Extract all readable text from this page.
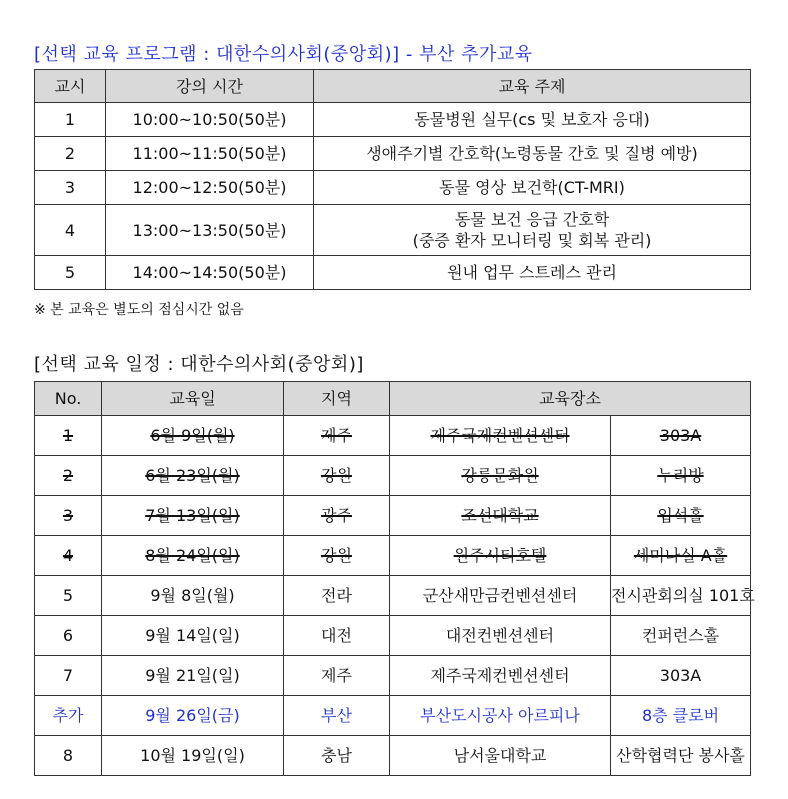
[선택 교육 프로그램 : 대한수의사회(중앙회)] - 부산 추가교육
교시	강의 시간	교육 주제
1	10:00~10:50(50분)	동물병원 실무(cs 및 보호자 응대)
2	11:00~11:50(50분)	생애주기별 간호학(노령동물 간호 및 질병 예방)
3	12:00~12:50(50분)	동물 영상 보건학(CT-MRI)
4	13:00~13:50(50분)	동물 보건 응급 간호학
(중증 환자 모니터링 및 회복 관리)

5	14:00~14:50(50분)	원내 업무 스트레스 관리
※ 본 교육은 별도의 점심시간 없음
[선택 교육 일정 : 대한수의사회(중앙회)]
No.	교육일	지역	교육장소	
1	6월 9일(월)	제주	제주국제컨벤션센터	303A
2	6월 23일(월)	강원	강릉문화원	누리방
3	7월 13일(일)	광주	조선대학교	입석홀
4	8월 24일(일)	강원	원주시티호텔	세미나실 A홀
5	9월 8일(월)	전라	군산새만금컨벤션센터	전시관회의실 101호
6	9월 14일(일)	대전	대전컨벤션센터	컨퍼런스홀
7	9월 21일(일)	제주	제주국제컨벤션센터	303A
추가	9월 26일(금)	부산	부산도시공사 아르피나	8층 클로버
8	10월 19일(일)	충남	남서울대학교	산학협력단 봉사홀
